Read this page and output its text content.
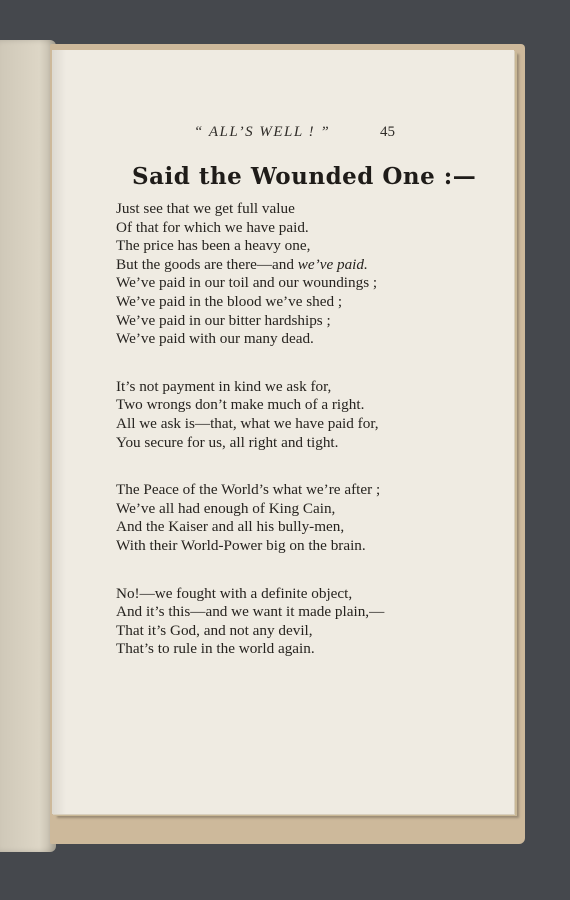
“ ALL’S WELL ! ”	45
Said the Wounded One :—
Just see that we get full value
Of that for which we have paid.
The price has been a heavy one,
But the goods are there—and we’ve paid.
We’ve paid in our toil and our woundings ;
We’ve paid in the blood we’ve shed ;
We’ve paid in our bitter hardships ;
We’ve paid with our many dead.
It’s not payment in kind we ask for,
Two wrongs don’t make much of a right.
All we ask is—that, what we have paid for,
You secure for us, all right and tight.
The Peace of the World’s what we’re after ;
We’ve all had enough of King Cain,
And the Kaiser and all his bully-men,
With their World-Power big on the brain.
No!—we fought with a definite object,
And it’s this—and we want it made plain,—
That it’s God, and not any devil,
That’s to rule in the world again.
